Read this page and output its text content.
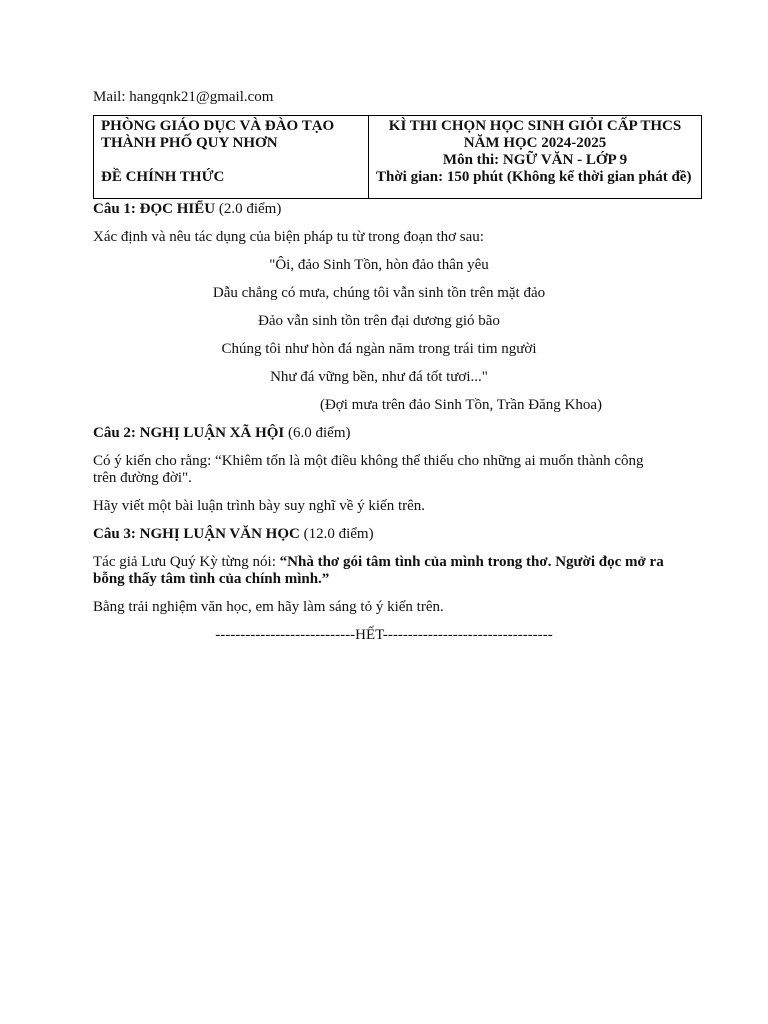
Mail: hangqnk21@gmail.com
PHÒNG GIÁO DỤC VÀ ĐÀO TẠO
THÀNH PHỐ QUY NHƠN
ĐỀ CHÍNH THỨC

KÌ THI CHỌN HỌC SINH GIỎI CẤP THCS
NĂM HỌC 2024-2025
Môn thi: NGỮ VĂN - LỚP 9
Thời gian: 150 phút (Không kể thời gian phát đề)

Câu 1: ĐỌC HIỂU (2.0 điểm)

Xác định và nêu tác dụng của biện pháp tu từ trong đoạn thơ sau:

"Ôi, đảo Sinh Tồn, hòn đảo thân yêu
Dẫu chẳng có mưa, chúng tôi vẫn sinh tồn trên mặt đảo
Đảo vẫn sinh tồn trên đại dương gió bão
Chúng tôi như hòn đá ngàn năm trong trái tim người
Như đá vững bền, như đá tốt tươi..."
(Đợi mưa trên đảo Sinh Tồn, Trần Đăng Khoa)

Câu 2: NGHỊ LUẬN XÃ HỘI (6.0 điểm)

Có ý kiến cho rằng: “Khiêm tốn là một điều không thể thiếu cho những ai muốn thành công trên đường đời".

Hãy viết một bài luận trình bày suy nghĩ về ý kiến trên.

Câu 3: NGHỊ LUẬN VĂN HỌC (12.0 điểm)

Tác giả Lưu Quý Kỳ từng nói: “Nhà thơ gói tâm tình của mình trong thơ. Người đọc mở ra bỗng thấy tâm tình của chính mình.”

Bằng trải nghiệm văn học, em hãy làm sáng tỏ ý kiến trên.

----------------------------HẾT----------------------------------
